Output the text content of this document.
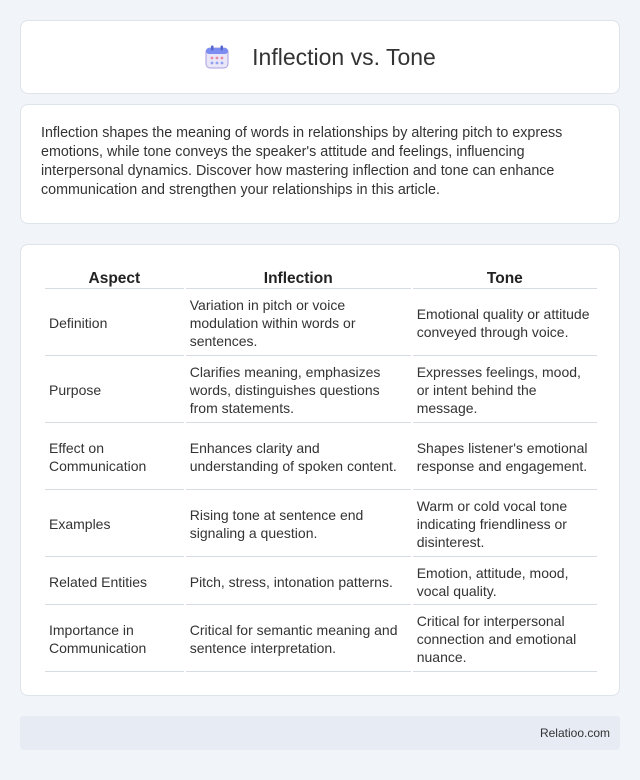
Inflection vs. Tone

Inflection shapes the meaning of words in relationships by altering pitch to express emotions, while tone conveys the speaker's attitude and feelings, influencing interpersonal dynamics. Discover how mastering inflection and tone can enhance communication and strengthen your relationships in this article.

Aspect	Inflection	Tone
Definition	Variation in pitch or voice modulation within words or sentences.	Emotional quality or attitude conveyed through voice.
Purpose	Clarifies meaning, emphasizes words, distinguishes questions from statements.	Expresses feelings, mood, or intent behind the message.
Effect on Communication	Enhances clarity and understanding of spoken content.	Shapes listener's emotional response and engagement.
Examples	Rising tone at sentence end signaling a question.	Warm or cold vocal tone indicating friendliness or disinterest.
Related Entities	Pitch, stress, intonation patterns.	Emotion, attitude, mood, vocal quality.
Importance in Communication	Critical for semantic meaning and sentence interpretation.	Critical for interpersonal connection and emotional nuance.
Relatioo.com
